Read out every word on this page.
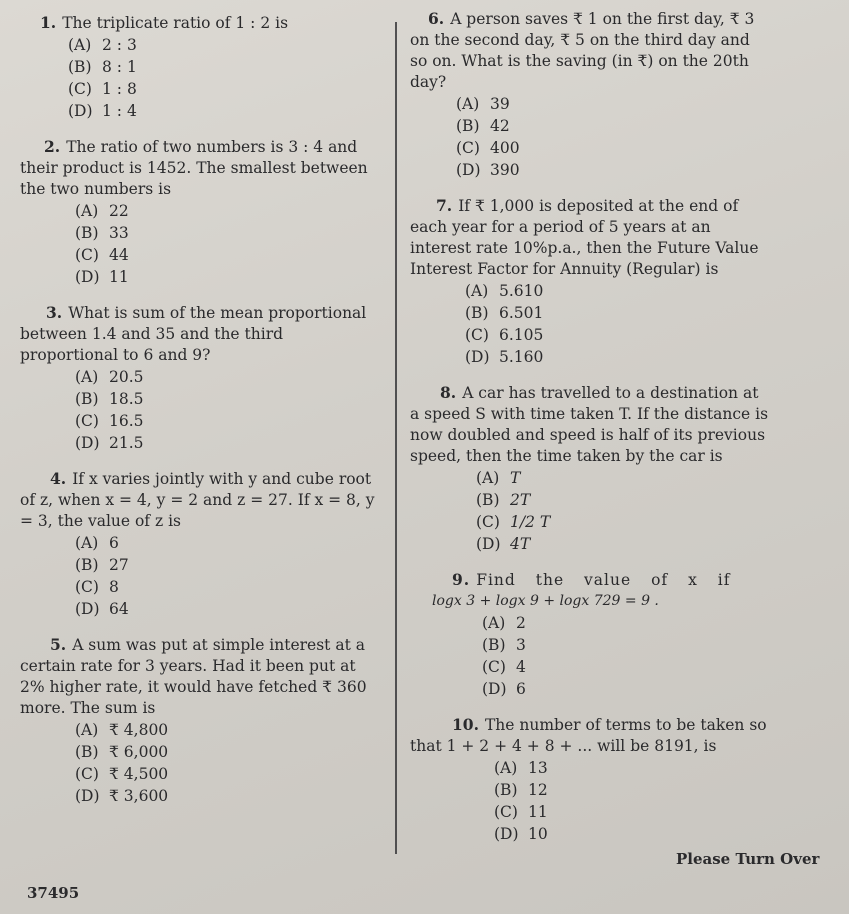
1. The triplicate ratio of 1 : 2 is
(A) 2 : 3
(B) 8 : 1
(C) 1 : 8
(D) 1 : 4
2. The ratio of two numbers is 3 : 4 and their product is 1452. The smallest between the two numbers is
(A) 22
(B) 33
(C) 44
(D) 11
3. What is sum of the mean proportional between 1.4 and 35 and the third proportional to 6 and 9?
(A) 20.5
(B) 18.5
(C) 16.5
(D) 21.5
4. If x varies jointly with y and cube root of z, when x = 4, y = 2 and z = 27. If x = 8, y = 3, the value of z is
(A) 6
(B) 27
(C) 8
(D) 64
5. A sum was put at simple interest at a certain rate for 3 years. Had it been put at 2% higher rate, it would have fetched ₹ 360 more. The sum is
(A) ₹ 4,800
(B) ₹ 6,000
(C) ₹ 4,500
(D) ₹ 3,600
6. A person saves ₹ 1 on the first day, ₹ 3 on the second day, ₹ 5 on the third day and so on. What is the saving (in ₹) on the 20th day?
(A) 39
(B) 42
(C) 400
(D) 390
7. If ₹ 1,000 is deposited at the end of each year for a period of 5 years at an interest rate 10%p.a., then the Future Value Interest Factor for Annuity (Regular) is
(A) 5.610
(B) 6.501
(C) 6.105
(D) 5.160
8. A car has travelled to a destination at a speed S with time taken T. If the distance is now doubled and speed is half of its previous speed, then the time taken by the car is
(A) T
(B) 2T
(C) 1/2 T
(D) 4T
9. Find the value of x if
logx 3 + logx 9 + logx 729 = 9 .
(A) 2
(B) 3
(C) 4
(D) 6
10. The number of terms to be taken so that 1 + 2 + 4 + 8 + ... will be 8191, is
(A) 13
(B) 12
(C) 11
(D) 10
Please Turn Over
37495
